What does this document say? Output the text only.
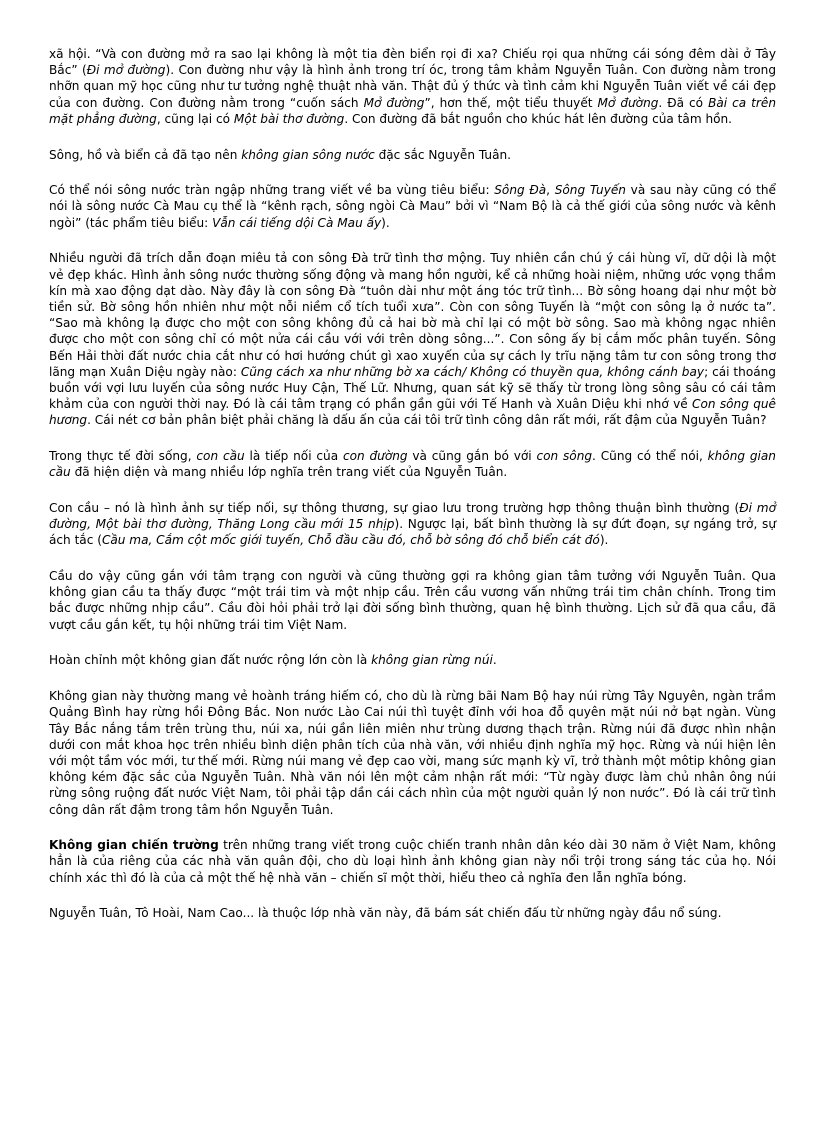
xã hội. “Và con đường mở ra sao lại không là một tia đèn biển rọi đi xa? Chiếu rọi qua những cái sóng đêm dài ở Tây Bắc” (Đi mở đường). Con đường như vậy là hình ảnh trong trí óc, trong tâm khảm Nguyễn Tuân. Con đường nằm trong nhỡn quan mỹ học cũng như tư tưởng nghệ thuật nhà văn. Thật đủ ý thức và tình cảm khi Nguyễn Tuân viết về cái đẹp của con đường. Con đường nằm trong “cuốn sách Mở đường”, hơn thế, một tiểu thuyết Mở đường. Đã có Bài ca trên mặt phẳng đường, cũng lại có Một bài thơ đường. Con đường đã bắt nguồn cho khúc hát lên đường của tâm hồn.

Sông, hồ và biển cả đã tạo nên không gian sông nước đặc sắc Nguyễn Tuân.

Có thể nói sông nước tràn ngập những trang viết về ba vùng tiêu biểu: Sông Đà, Sông Tuyến và sau này cũng có thể nói là sông nước Cà Mau cụ thể là “kênh rạch, sông ngòi Cà Mau” bởi vì “Nam Bộ là cả thế giới của sông nước và kênh ngòi” (tác phẩm tiêu biểu: Vẫn cái tiếng dội Cà Mau ấy).

Nhiều người đã trích dẫn đoạn miêu tả con sông Đà trữ tình thơ mộng. Tuy nhiên cần chú ý cái hùng vĩ, dữ dội là một vẻ đẹp khác. Hình ảnh sông nước thường sống động và mang hồn người, kể cả những hoài niệm, những ước vọng thầm kín mà xao động dạt dào. Này đây là con sông Đà “tuôn dài như một áng tóc trữ tình... Bờ sông hoang dại như một bờ tiền sử. Bờ sông hồn nhiên như một nỗi niềm cổ tích tuổi xưa”. Còn con sông Tuyến là “một con sông lạ ở nước ta”. “Sao mà không lạ được cho một con sông không đủ cả hai bờ mà chỉ lại có một bờ sông. Sao mà không ngạc nhiên được cho một con sông chỉ có một nửa cái cầu với với trên dòng sông...”. Con sông ấy bị cắm mốc phân tuyến. Sông Bến Hải thời đất nước chia cắt như có hơi hướng chút gì xao xuyến của sự cách ly trĩu nặng tâm tư con sông trong thơ lãng mạn Xuân Diệu ngày nào: Cũng cách xa như những bờ xa cách/ Không có thuyền qua, không cánh bay; cái thoáng buồn với vợi lưu luyến của sông nước Huy Cận, Thế Lữ. Nhưng, quan sát kỹ sẽ thấy từ trong lòng sông sâu có cái tâm khảm của con người thời nay. Đó là cái tâm trạng có phần gần gũi với Tế Hanh và Xuân Diệu khi nhớ về Con sông quê hương. Cái nét cơ bản phân biệt phải chăng là dấu ấn của cái tôi trữ tình công dân rất mới, rất đậm của Nguyễn Tuân?

Trong thực tế đời sống, con cầu là tiếp nối của con đường và cũng gắn bó với con sông. Cũng có thể nói, không gian cầu đã hiện diện và mang nhiều lớp nghĩa trên trang viết của Nguyễn Tuân.

Con cầu – nó là hình ảnh sự tiếp nối, sự thông thương, sự giao lưu trong trường hợp thông thuận bình thường (Đi mở đường, Một bài thơ đường, Thăng Long cầu mới 15 nhịp). Ngược lại, bất bình thường là sự đứt đoạn, sự ngáng trở, sự ách tắc (Cầu ma, Cắm cột mốc giới tuyến, Chỗ đầu cầu đó, chỗ bờ sông đó chỗ biển cát đó).

Cầu do vậy cũng gắn với tâm trạng con người và cũng thường gợi ra không gian tâm tưởng với Nguyễn Tuân. Qua không gian cầu ta thấy được “một trái tim và một nhịp cầu. Trên cầu vương vấn những trái tim chân chính. Trong tim bắc được những nhịp cầu”. Cầu đòi hỏi phải trở lại đời sống bình thường, quan hệ bình thường. Lịch sử đã qua cầu, đã vượt cầu gắn kết, tụ hội những trái tim Việt Nam.

Hoàn chỉnh một không gian đất nước rộng lớn còn là không gian rừng núi.

Không gian này thường mang vẻ hoành tráng hiếm có, cho dù là rừng bãi Nam Bộ hay núi rừng Tây Nguyên, ngàn trầm Quảng Bình hay rừng hồi Đông Bắc. Non nước Lào Cai núi thì tuyệt đỉnh với hoa đỗ quyên mặt núi nở bạt ngàn. Vùng Tây Bắc nắng tắm trên trùng thu, núi xa, núi gần liên miên như trùng dương thạch trận. Rừng núi đã được nhìn nhận dưới con mắt khoa học trên nhiều bình diện phân tích của nhà văn, với nhiều định nghĩa mỹ học. Rừng và núi hiện lên với một tầm vóc mới, tư thế mới. Rừng núi mang vẻ đẹp cao vời, mang sức mạnh kỳ vĩ, trở thành một môtip không gian không kém đặc sắc của Nguyễn Tuân. Nhà văn nói lên một cảm nhận rất mới: “Từ ngày được làm chủ nhân ông núi rừng sông ruộng đất nước Việt Nam, tôi phải tập dần cái cách nhìn của một người quản lý non nước”. Đó là cái trữ tình công dân rất đậm trong tâm hồn Nguyễn Tuân.

Không gian chiến trường trên những trang viết trong cuộc chiến tranh nhân dân kéo dài 30 năm ở Việt Nam, không hẳn là của riêng của các nhà văn quân đội, cho dù loại hình ảnh không gian này nổi trội trong sáng tác của họ. Nói chính xác thì đó là của cả một thế hệ nhà văn – chiến sĩ một thời, hiểu theo cả nghĩa đen lẫn nghĩa bóng.

Nguyễn Tuân, Tô Hoài, Nam Cao... là thuộc lớp nhà văn này, đã bám sát chiến đấu từ những ngày đầu nổ súng.
